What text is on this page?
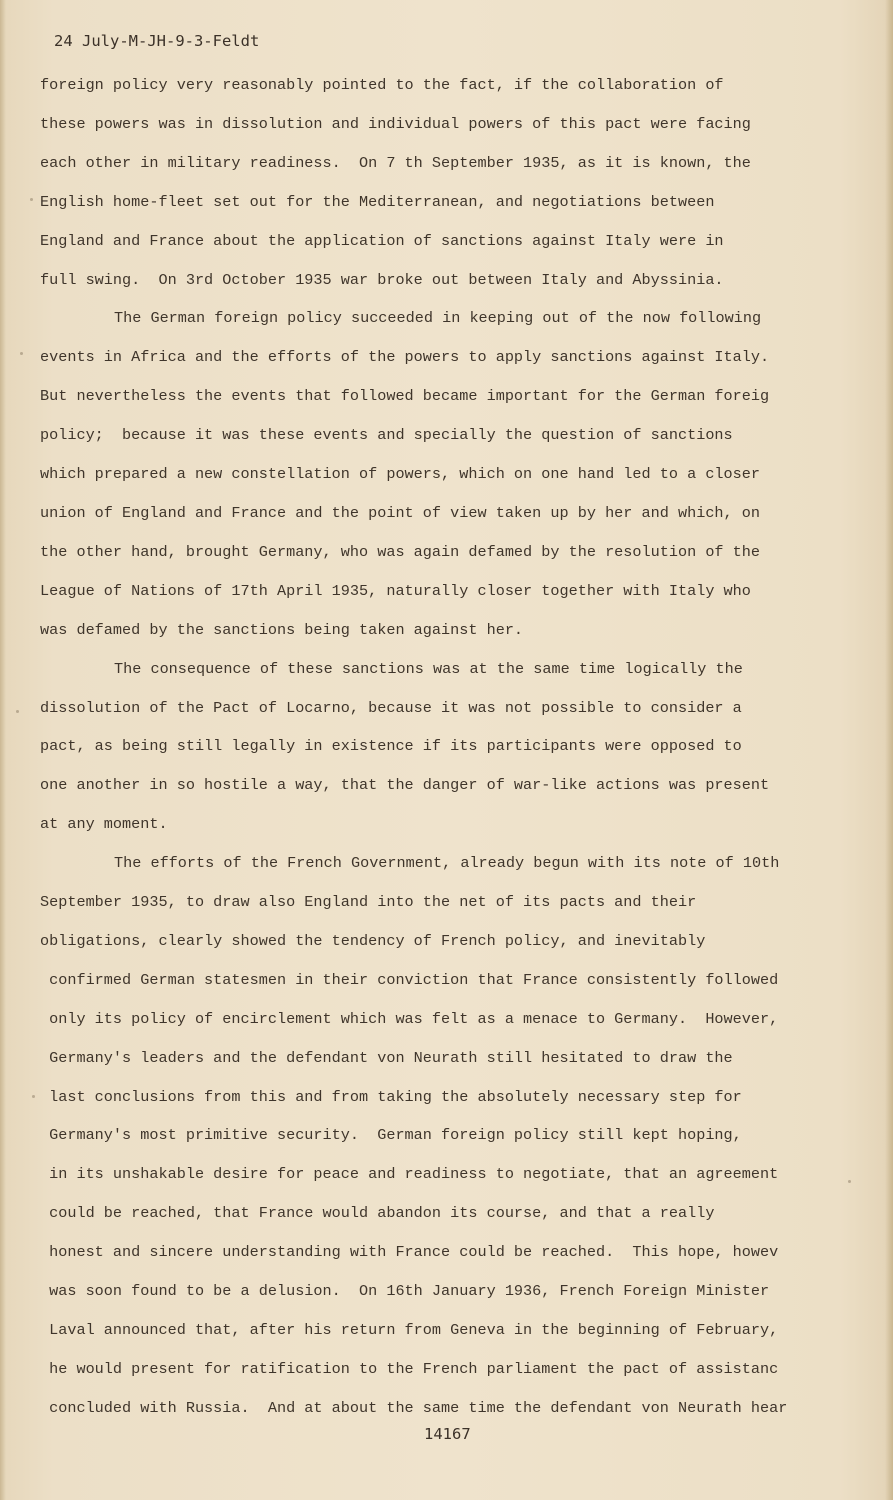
24 July-M-JH-9-3-Feldt
foreign policy very reasonably pointed to the fact, if the collaboration of
these powers was in dissolution and individual powers of this pact were facing
each other in military readiness.  On 7 th September 1935, as it is known, the
English home-fleet set out for the Mediterranean, and negotiations between
England and France about the application of sanctions against Italy were in
full swing.  On 3rd October 1935 war broke out between Italy and Abyssinia.
The German foreign policy succeeded in keeping out of the now following
events in Africa and the efforts of the powers to apply sanctions against Italy.
But nevertheless the events that followed became important for the German foreig
policy;  because it was these events and specially the question of sanctions
which prepared a new constellation of powers, which on one hand led to a closer
union of England and France and the point of view taken up by her and which, on
the other hand, brought Germany, who was again defamed by the resolution of the
League of Nations of 17th April 1935, naturally closer together with Italy who
was defamed by the sanctions being taken against her.
The consequence of these sanctions was at the same time logically the
dissolution of the Pact of Locarno, because it was not possible to consider a
pact, as being still legally in existence if its participants were opposed to
one another in so hostile a way, that the danger of war-like actions was present
at any moment.
The efforts of the French Government, already begun with its note of 10th
September 1935, to draw also England into the net of its pacts and their
obligations, clearly showed the tendency of French policy, and inevitably
confirmed German statesmen in their conviction that France consistently followed
only its policy of encirclement which was felt as a menace to Germany.  However,
Germany's leaders and the defendant von Neurath still hesitated to draw the
last conclusions from this and from taking the absolutely necessary step for
Germany's most primitive security.  German foreign policy still kept hoping,
in its unshakable desire for peace and readiness to negotiate, that an agreement
could be reached, that France would abandon its course, and that a really
honest and sincere understanding with France could be reached.  This hope, howev
was soon found to be a delusion.  On 16th January 1936, French Foreign Minister
Laval announced that, after his return from Geneva in the beginning of February,
he would present for ratification to the French parliament the pact of assistanc
concluded with Russia.  And at about the same time the defendant von Neurath hear
14167
